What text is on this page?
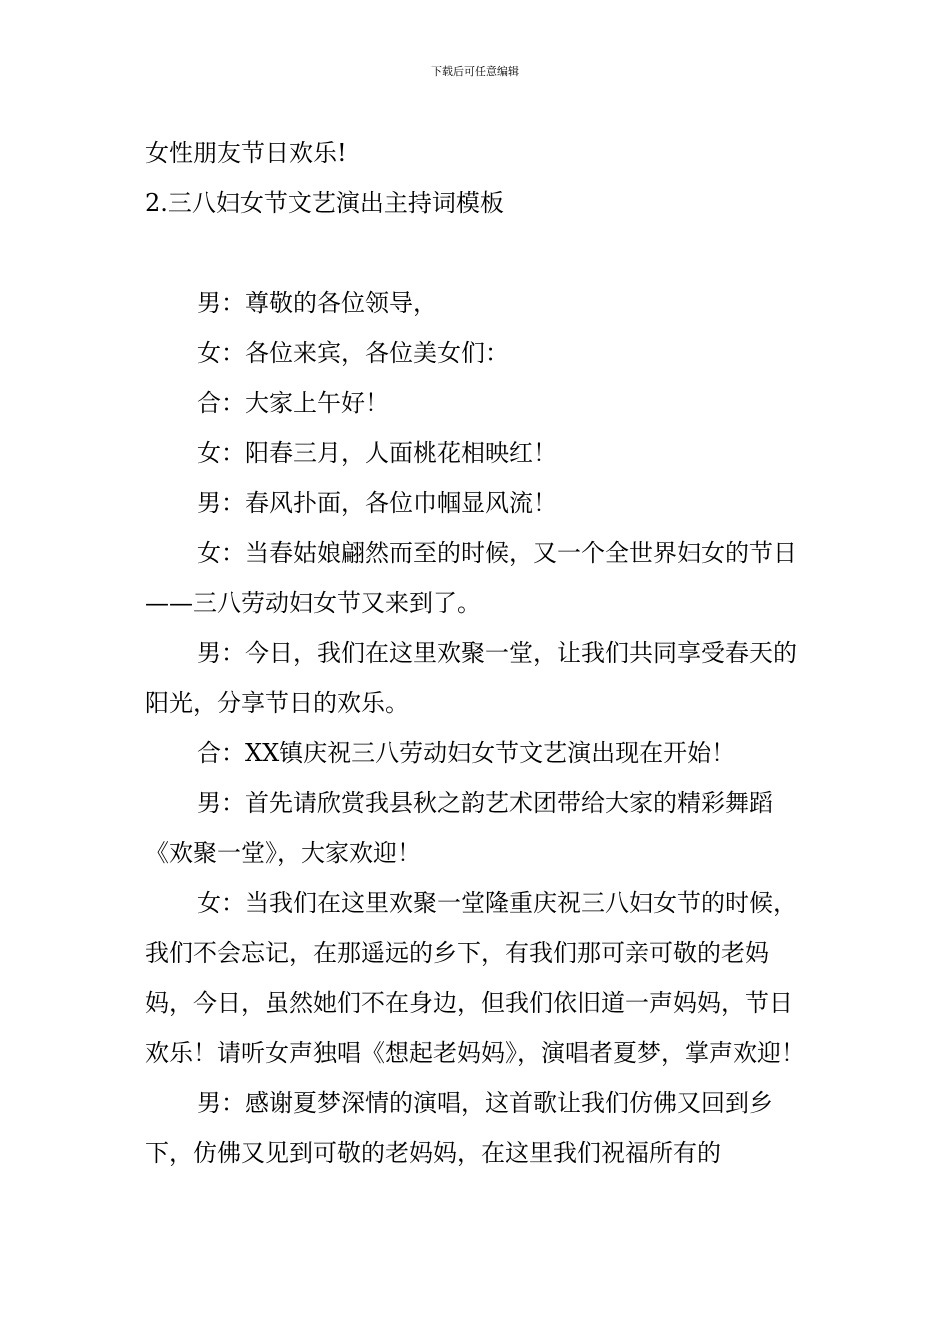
下载后可任意编辑

女性朋友节日欢乐!

2.三八妇女节文艺演出主持词模板

男：尊敬的各位领导，

女：各位来宾，各位美女们：

合：大家上午好！

女：阳春三月，人面桃花相映红！

男：春风扑面，各位巾帼显风流！

女：当春姑娘翩然而至的时候，又一个全世界妇女的节日——三八劳动妇女节又来到了。

男：今日，我们在这里欢聚一堂，让我们共同享受春天的阳光，分享节日的欢乐。

合：XX镇庆祝三八劳动妇女节文艺演出现在开始！

男：首先请欣赏我县秋之韵艺术团带给大家的精彩舞蹈《欢聚一堂》，大家欢迎！

女：当我们在这里欢聚一堂隆重庆祝三八妇女节的时候，我们不会忘记，在那遥远的乡下，有我们那可亲可敬的老妈妈，今日，虽然她们不在身边，但我们依旧道一声妈妈，节日欢乐！请听女声独唱《想起老妈妈》，演唱者夏梦，掌声欢迎！

男：感谢夏梦深情的演唱，这首歌让我们仿佛又回到乡下，仿佛又见到可敬的老妈妈，在这里我们祝福所有的
